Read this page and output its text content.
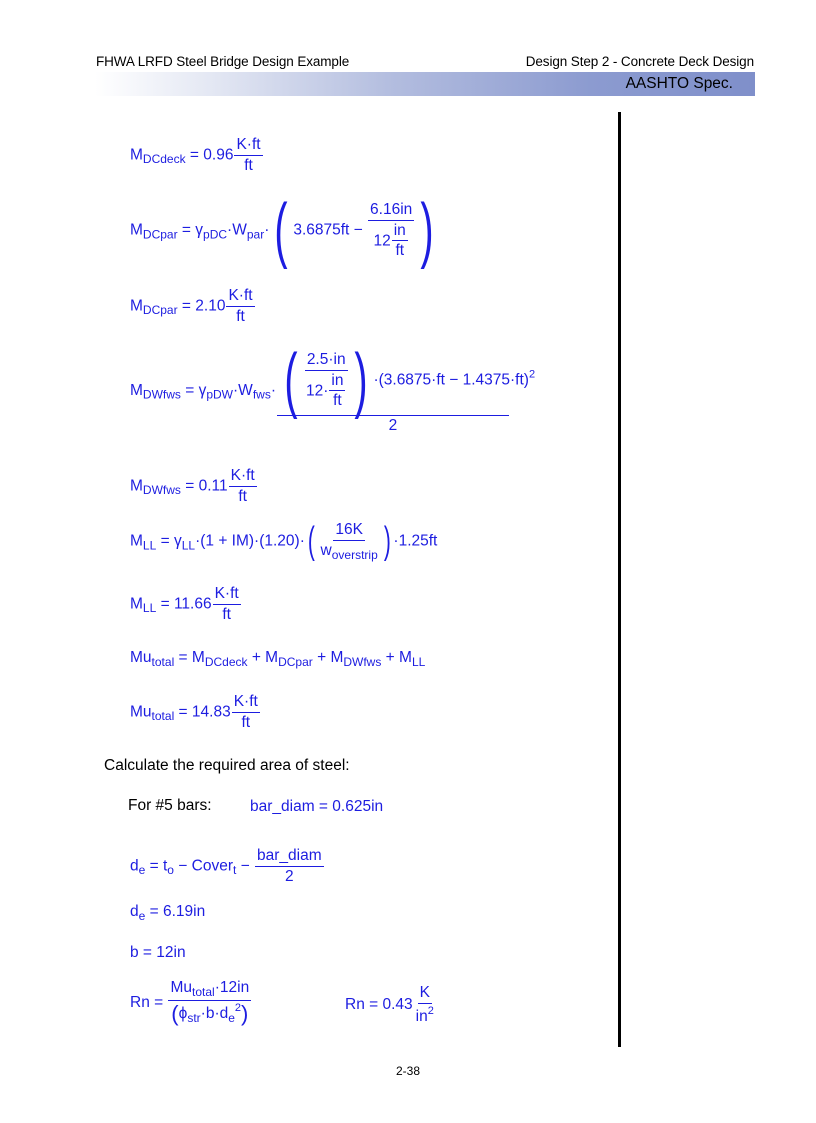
FHWA LRFD Steel Bridge Design Example	Design Step 2 - Concrete Deck Design
AASHTO Spec.
$M_{DCdeck} = 0.96 \frac{K\cdot ft}{ft}$
$M_{DCpar} = \gamma_{pDC}\cdot W_{par}\cdot$( $3.6875ft - \frac{6.16in}{12 \frac{in}{ft}}$ )
$M_{DCpar} = 2.10 \frac{K\cdot ft}{ft}$
$M_{DWfws} = \gamma_{pDW}\cdot W_{fws}\cdot \frac{( \frac{2.5\cdot in}{12\cdot \frac{in}{ft}} ) \cdot(3.6875\cdot ft - 1.4375\cdot ft)^2}{2}$
$M_{DWfws} = 0.11 \frac{K\cdot ft}{ft}$
$M_{LL} = \gamma_{LL}\cdot(1 + IM)\cdot(1.20)\cdot( \frac{16K}{w_{overstrip}}$ ) ·1.25ft
$M_{LL} = 11.66 \frac{K\cdot ft}{ft}$
$Mu_{total} = M_{DCdeck} + M_{DCpar} + M_{DWfws} + M_{LL}$
$Mu_{total} = 14.83 \frac{K\cdot ft}{ft}$
Calculate the required area of steel:
For #5 bars: bar_diam = 0.625in
$d_e = t_o$ − Cover$_t$ − $\frac{\text{bar\_diam}}{2}$
$d_e = 6.19in$
b = 12in
$Rn = \frac{Mu_{total}\cdot 12in}{(\phi_{str}\cdot b\cdot d_e^2)}$	$Rn = 0.43 \frac{K}{in^2}$
2-38
